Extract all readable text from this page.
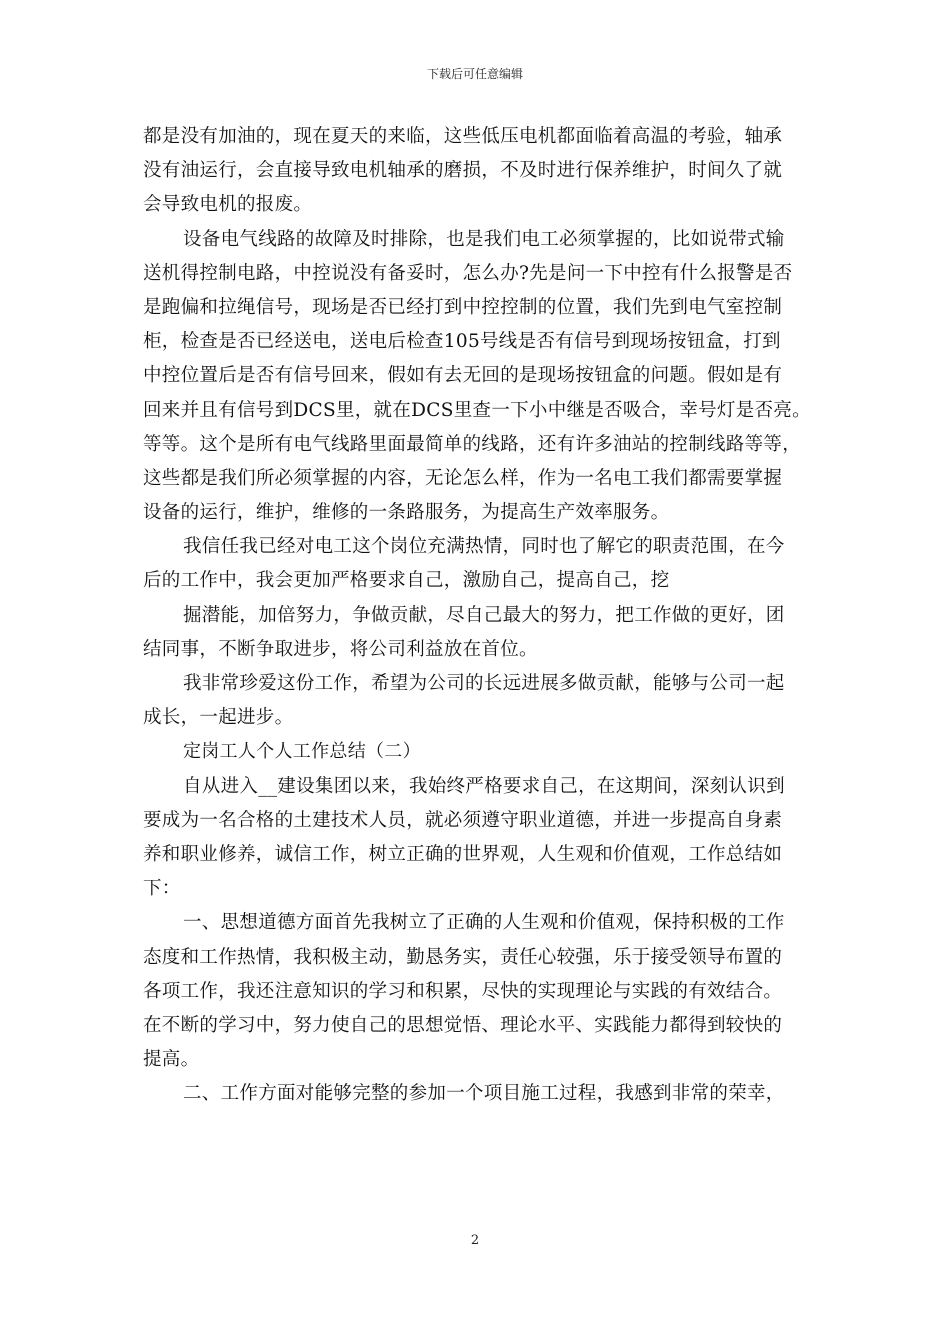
下载后可任意编辑
都是没有加油的，现在夏天的来临，这些低压电机都面临着高温的考验，轴承
没有油运行，会直接导致电机轴承的磨损，不及时进行保养维护，时间久了就
会导致电机的报废。
设备电气线路的故障及时排除，也是我们电工必须掌握的，比如说带式输
送机得控制电路，中控说没有备妥时，怎么办?先是问一下中控有什么报警是否
是跑偏和拉绳信号，现场是否已经打到中控控制的位置，我们先到电气室控制
柜，检查是否已经送电，送电后检查105号线是否有信号到现场按钮盒，打到
中控位置后是否有信号回来，假如有去无回的是现场按钮盒的问题。假如是有
回来并且有信号到DCS里，就在DCS里查一下小中继是否吸合，幸号灯是否亮。
等等。这个是所有电气线路里面最简单的线路，还有许多油站的控制线路等等，
这些都是我们所必须掌握的内容，无论怎么样，作为一名电工我们都需要掌握
设备的运行，维护，维修的一条路服务，为提高生产效率服务。
我信任我已经对电工这个岗位充满热情，同时也了解它的职责范围，在今
后的工作中，我会更加严格要求自己，激励自己，提高自己，挖
掘潜能，加倍努力，争做贡献，尽自己最大的努力，把工作做的更好，团
结同事，不断争取进步，将公司利益放在首位。
我非常珍爱这份工作，希望为公司的长远进展多做贡献，能够与公司一起
成长，一起进步。
定岗工人个人工作总结（二）
自从进入__建设集团以来，我始终严格要求自己，在这期间，深刻认识到
要成为一名合格的土建技术人员，就必须遵守职业道德，并进一步提高自身素
养和职业修养，诚信工作，树立正确的世界观，人生观和价值观，工作总结如
下：
一、思想道德方面首先我树立了正确的人生观和价值观，保持积极的工作
态度和工作热情，我积极主动，勤恳务实，责任心较强，乐于接受领导布置的
各项工作，我还注意知识的学习和积累，尽快的实现理论与实践的有效结合。
在不断的学习中，努力使自己的思想觉悟、理论水平、实践能力都得到较快的
提高。
二、工作方面对能够完整的参加一个项目施工过程，我感到非常的荣幸，
2
